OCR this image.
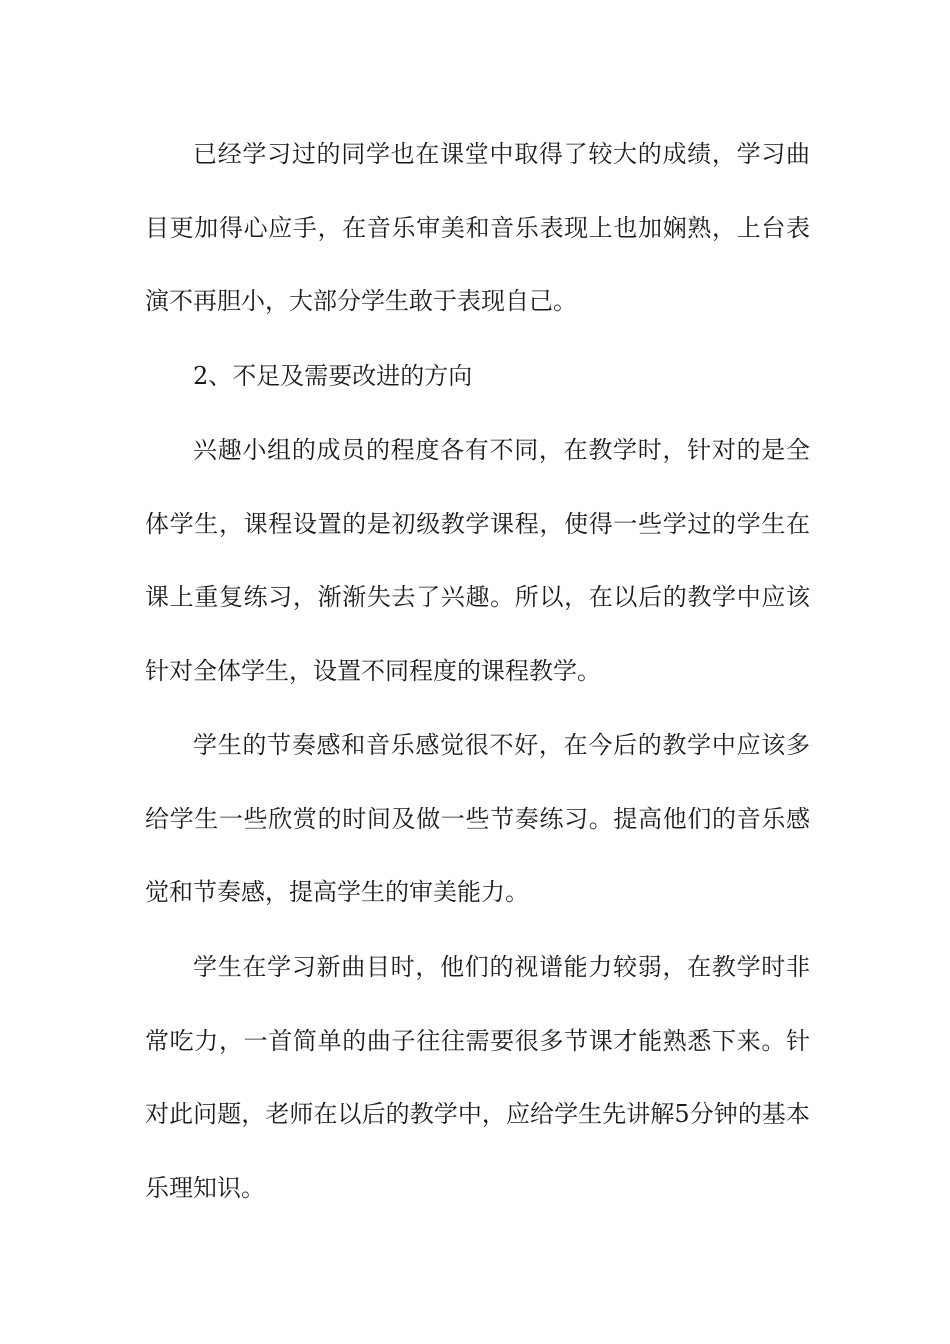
已经学习过的同学也在课堂中取得了较大的成绩，学习曲目更加得心应手，在音乐审美和音乐表现上也加娴熟，上台表演不再胆小，大部分学生敢于表现自己。

2、不足及需要改进的方向

兴趣小组的成员的程度各有不同，在教学时，针对的是全体学生，课程设置的是初级教学课程，使得一些学过的学生在课上重复练习，渐渐失去了兴趣。所以，在以后的教学中应该针对全体学生，设置不同程度的课程教学。

学生的节奏感和音乐感觉很不好，在今后的教学中应该多给学生一些欣赏的时间及做一些节奏练习。提高他们的音乐感觉和节奏感，提高学生的审美能力。

学生在学习新曲目时，他们的视谱能力较弱，在教学时非常吃力，一首简单的曲子往往需要很多节课才能熟悉下来。针对此问题，老师在以后的教学中，应给学生先讲解5分钟的基本乐理知识。
